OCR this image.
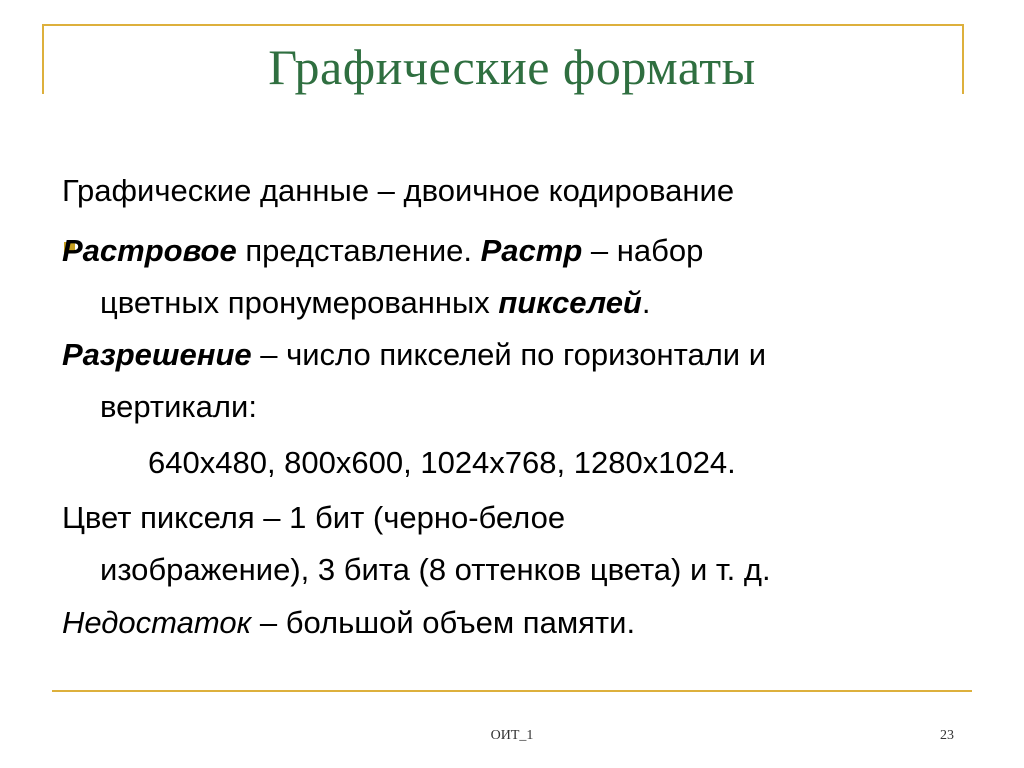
Графические форматы
Графические данные – двоичное кодирование
Растровое представление. Растр – набор
цветных пронумерованных пикселей.
Разрешение – число пикселей по горизонтали и
вертикали:
640x480, 800x600, 1024x768, 1280x1024.
Цвет пикселя – 1 бит (черно-белое
изображение), 3 бита (8 оттенков цвета) и т. д.
Недостаток – большой объем памяти.
ОИТ_1	23
